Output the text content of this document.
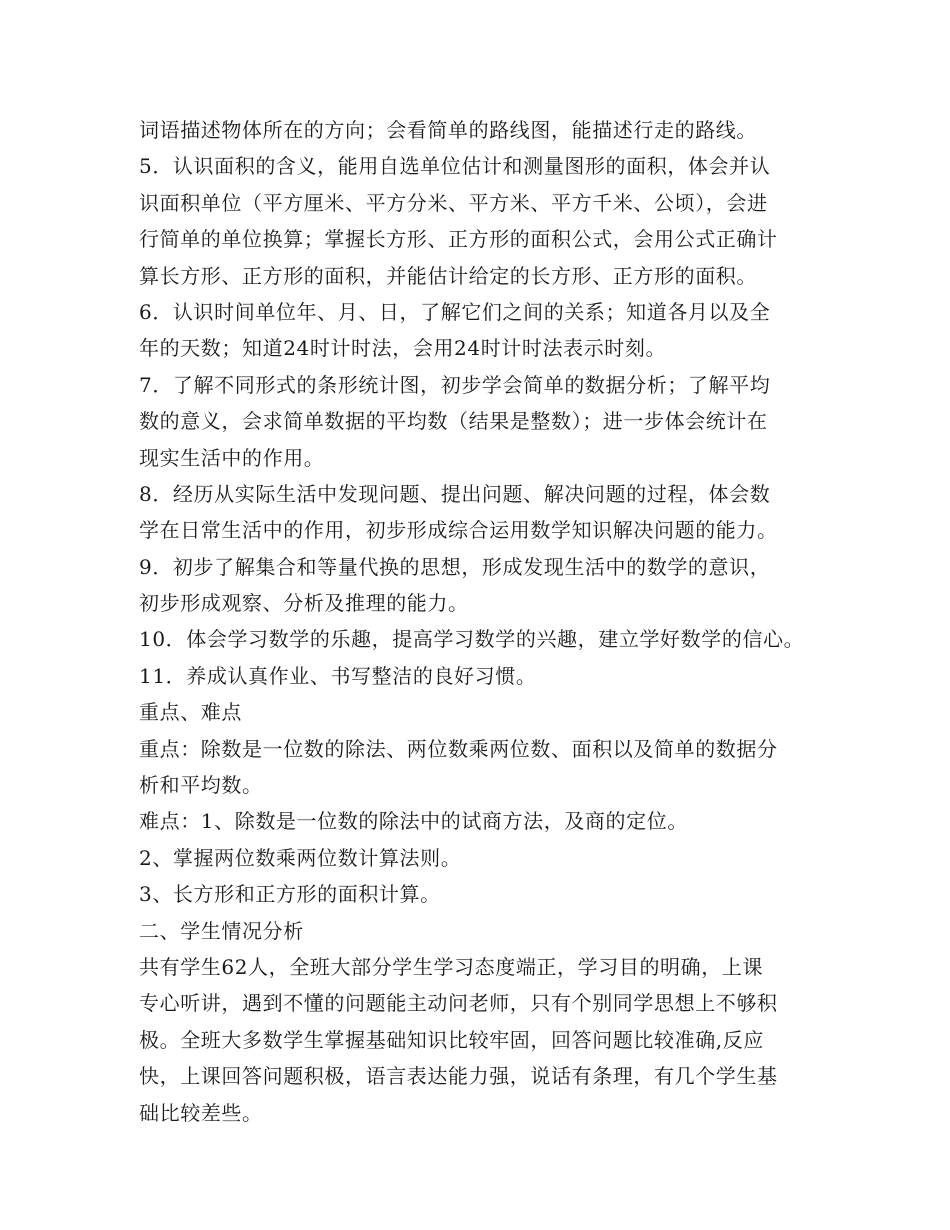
词语描述物体所在的方向；会看简单的路线图，能描述行走的路线。
5．认识面积的含义，能用自选单位估计和测量图形的面积，体会并认
识面积单位（平方厘米、平方分米、平方米、平方千米、公顷），会进
行简单的单位换算；掌握长方形、正方形的面积公式，会用公式正确计
算长方形、正方形的面积，并能估计给定的长方形、正方形的面积。
6．认识时间单位年、月、日，了解它们之间的关系；知道各月以及全
年的天数；知道24时计时法，会用24时计时法表示时刻。
7．了解不同形式的条形统计图，初步学会简单的数据分析；了解平均
数的意义，会求简单数据的平均数（结果是整数）；进一步体会统计在
现实生活中的作用。
8．经历从实际生活中发现问题、提出问题、解决问题的过程，体会数
学在日常生活中的作用，初步形成综合运用数学知识解决问题的能力。
9．初步了解集合和等量代换的思想，形成发现生活中的数学的意识，
初步形成观察、分析及推理的能力。
10．体会学习数学的乐趣，提高学习数学的兴趣，建立学好数学的信心。
11．养成认真作业、书写整洁的良好习惯。
重点、难点
重点：除数是一位数的除法、两位数乘两位数、面积以及简单的数据分
析和平均数。
难点：1、除数是一位数的除法中的试商方法，及商的定位。
2、掌握两位数乘两位数计算法则。
3、长方形和正方形的面积计算。
二、学生情况分析
共有学生62人，全班大部分学生学习态度端正，学习目的明确，上课
专心听讲，遇到不懂的问题能主动问老师，只有个别同学思想上不够积
极。全班大多数学生掌握基础知识比较牢固，回答问题比较准确,反应
快，上课回答问题积极，语言表达能力强，说话有条理，有几个学生基
础比较差些。
